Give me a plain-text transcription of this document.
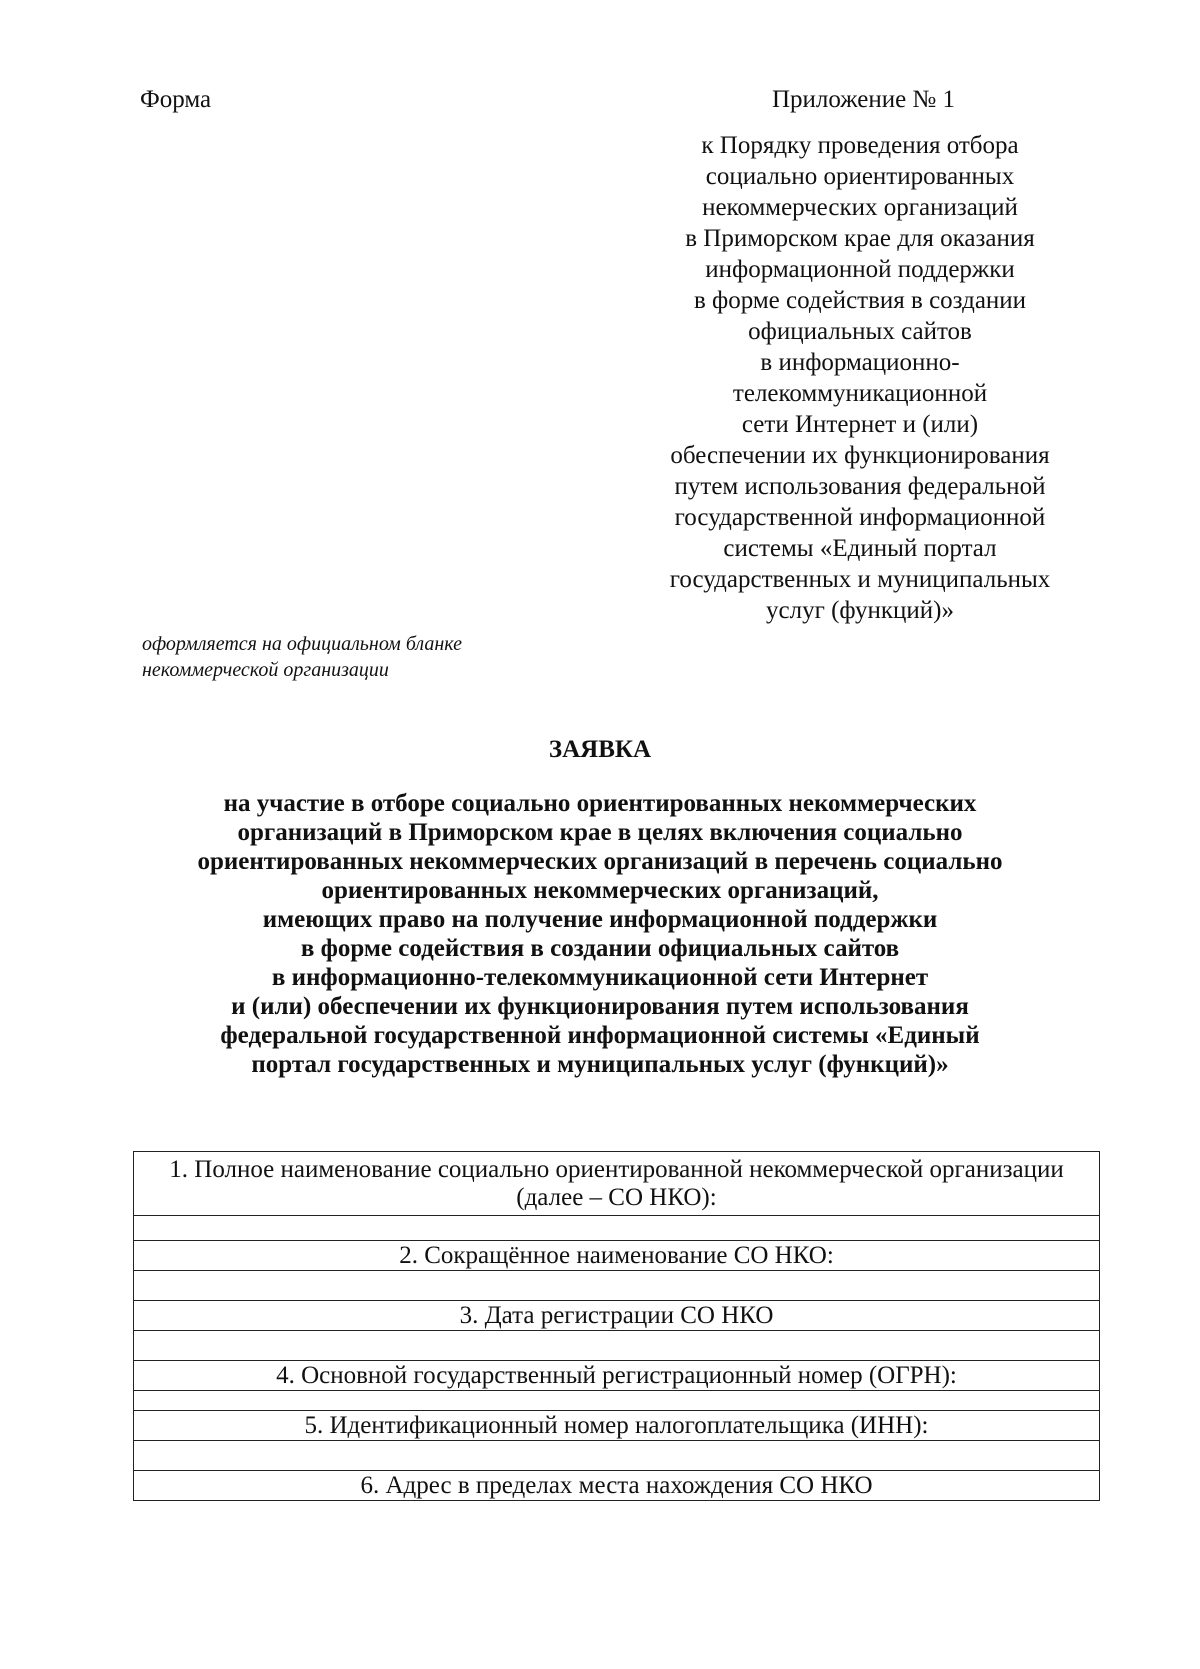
Форма	Приложение № 1
к Порядку проведения отбора
социально ориентированных
некоммерческих организаций
в Приморском крае для оказания
информационной поддержки
в форме содействия в создании
официальных сайтов
в информационно-
телекоммуникационной
сети Интернет и (или)
обеспечении их функционирования
путем использования федеральной
государственной информационной
системы «Единый портал
государственных и муниципальных
услуг (функций)»
оформляется на официальном бланке
некоммерческой организации
ЗАЯВКА
на участие в отборе социально ориентированных некоммерческих
организаций в Приморском крае в целях включения социально
ориентированных некоммерческих организаций в перечень социально
ориентированных некоммерческих организаций,
имеющих право на получение информационной поддержки
в форме содействия в создании официальных сайтов
в информационно-телекоммуникационной сети Интернет
и (или) обеспечении их функционирования путем использования
федеральной государственной информационной системы «Единый
портал государственных и муниципальных услуг (функций)»
1. Полное наименование социально ориентированной некоммерческой организации (далее – СО НКО):

2. Сокращённое наименование СО НКО:

3. Дата регистрации СО НКО

4. Основной государственный регистрационный номер (ОГРН):

5. Идентификационный номер налогоплательщика (ИНН):

6. Адрес в пределах места нахождения СО НКО
